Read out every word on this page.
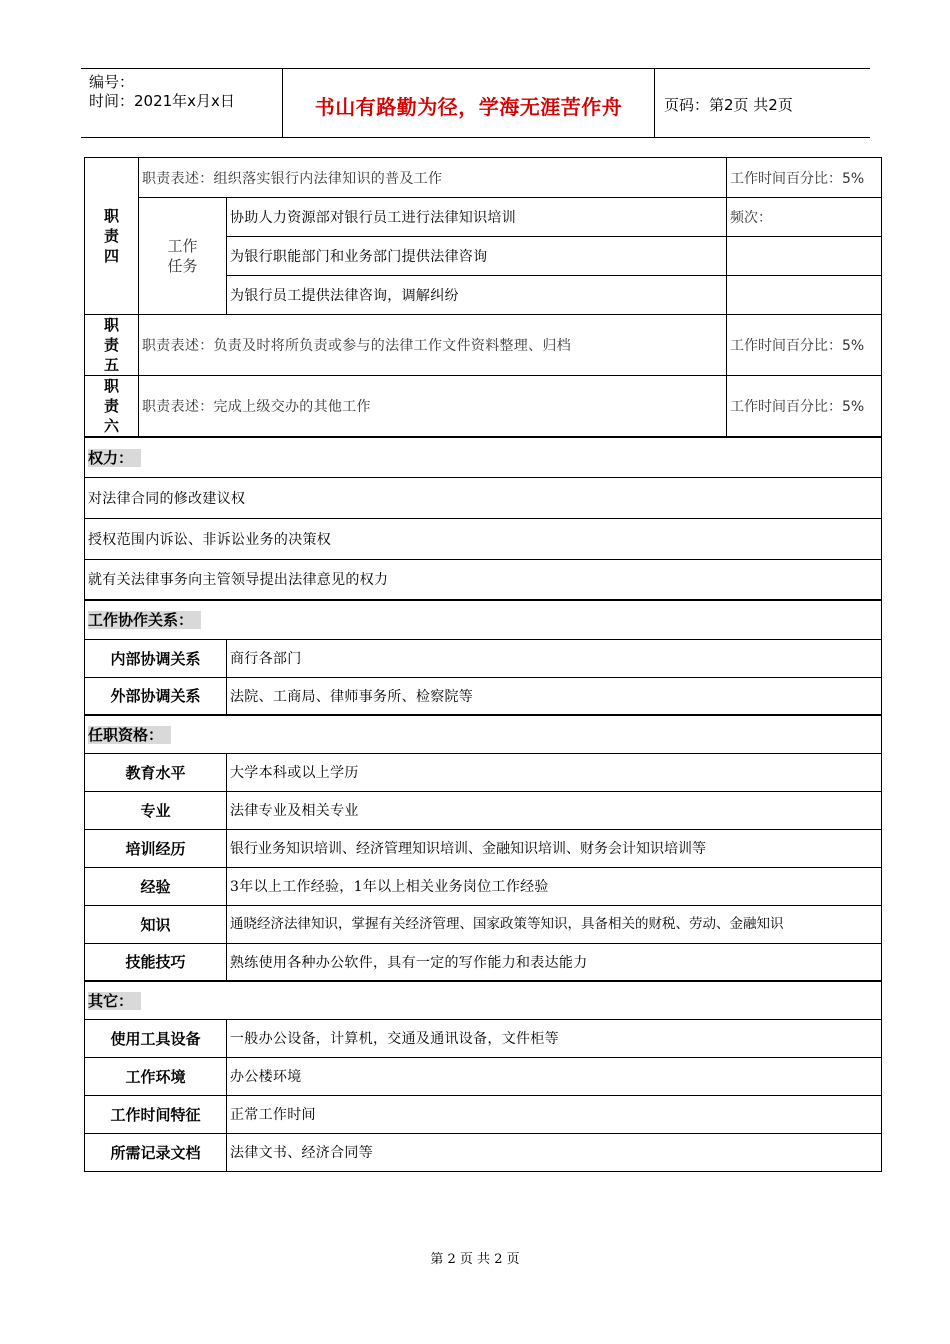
编号：
时间：2021年x月x日	书山有路勤为径，学海无涯苦作舟	页码：第2页 共2页
职
责
四	职责表述：组织落实银行内法律知识的普及工作		工作时间百分比：5%
	工作
任务	协助人力资源部对银行员工进行法律知识培训	频次：
		为银行职能部门和业务部门提供法律咨询	
		为银行员工提供法律咨询，调解纠纷	
职
责
五	职责表述：负责及时将所负责或参与的法律工作文件资料整理、归档		工作时间百分比：5%
职
责
六	职责表述：完成上级交办的其他工作		工作时间百分比：5%
权力：			
对法律合同的修改建议权			
授权范围内诉讼、非诉讼业务的决策权			
就有关法律事务向主管领导提出法律意见的权力			
工作协作关系：			
内部协调关系		商行各部门	
外部协调关系		法院、工商局、律师事务所、检察院等	
任职资格：			
教育水平		大学本科或以上学历	
专业		法律专业及相关专业	
培训经历		银行业务知识培训、经济管理知识培训、金融知识培训、财务会计知识培训等	
经验		3年以上工作经验，1年以上相关业务岗位工作经验	
知识		通晓经济法律知识，掌握有关经济管理、国家政策等知识，具备相关的财税、劳动、金融知识	
技能技巧		熟练使用各种办公软件，具有一定的写作能力和表达能力	
其它：			
使用工具设备		一般办公设备，计算机，交通及通讯设备，文件柜等	
工作环境		办公楼环境	
工作时间特征		正常工作时间	
所需记录文档		法律文书、经济合同等	
第 2 页 共 2 页
